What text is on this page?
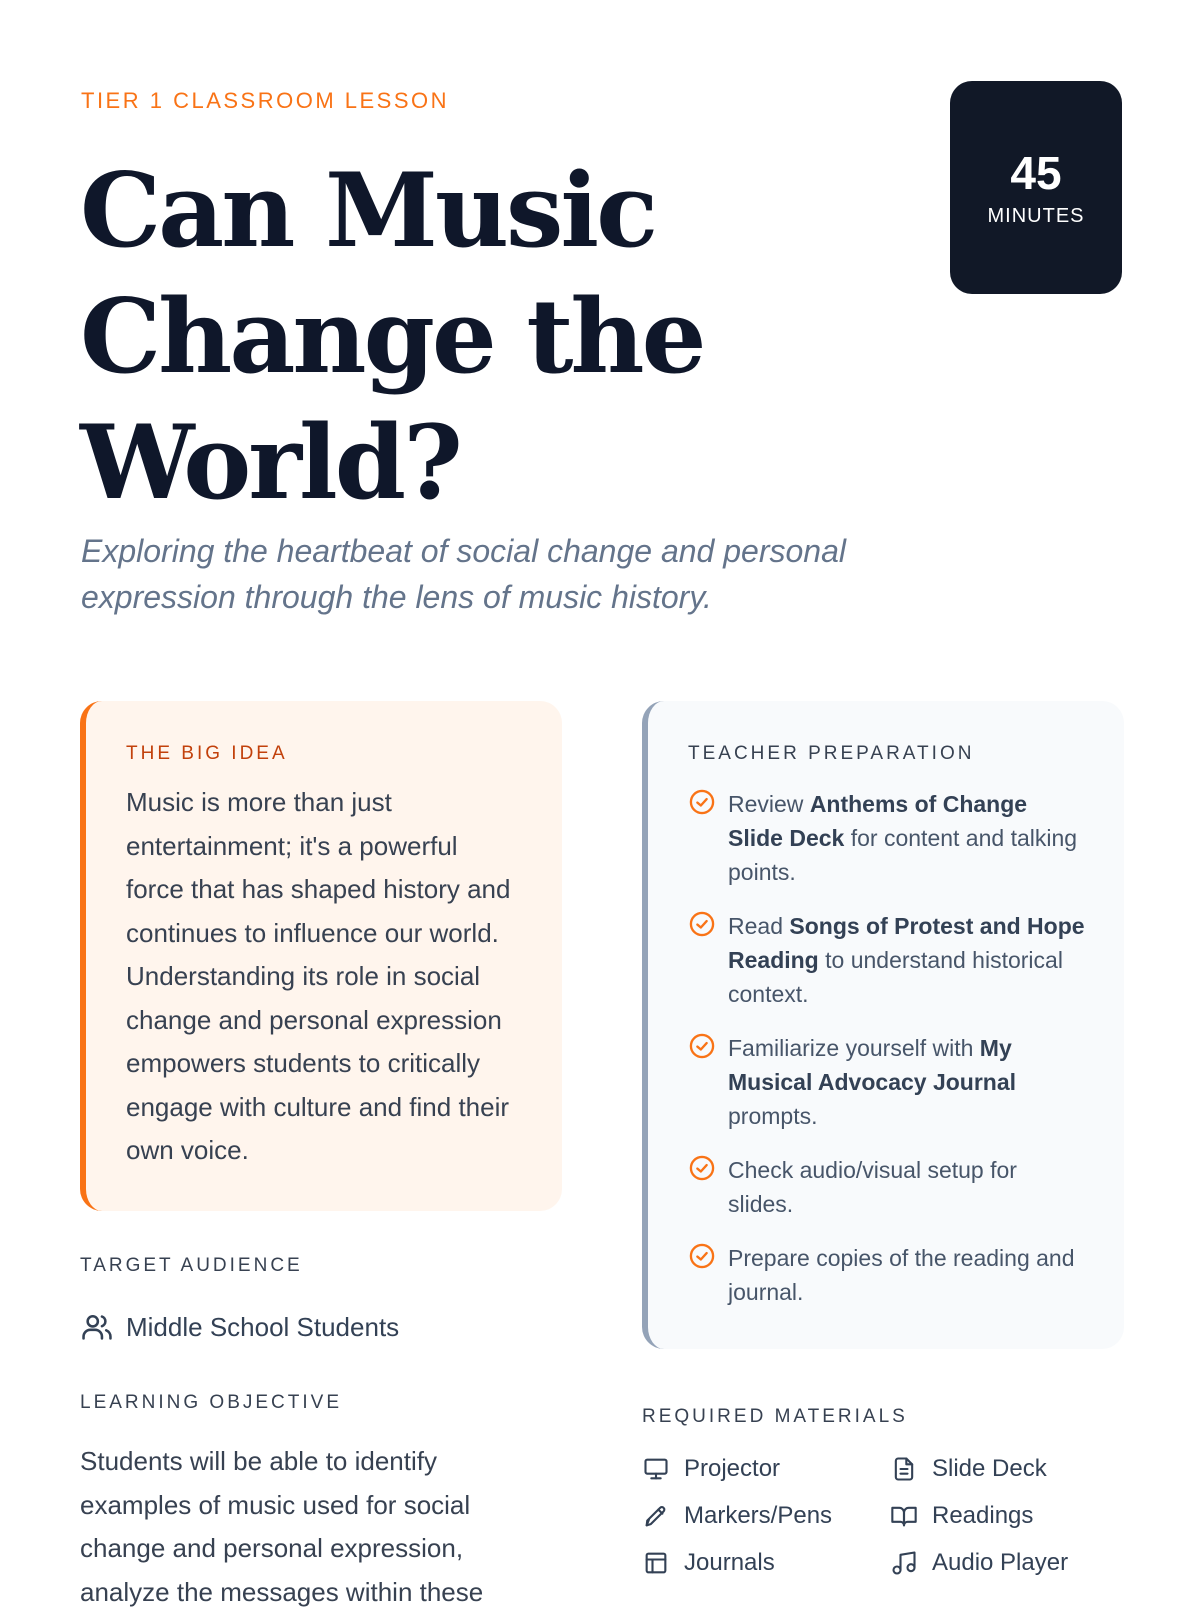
TIER 1 CLASSROOM LESSON
Can Music Change the World?

Exploring the heartbeat of social change and personal expression through the lens of music history.

45
MINUTES
THE BIG IDEA

Music is more than just entertainment; it's a powerful force that has shaped history and continues to influence our world. Understanding its role in social change and personal expression empowers students to critically engage with culture and find their own voice.

TEACHER PREPARATION
Review Anthems of Change Slide Deck for content and talking points.
Read Songs of Protest and Hope Reading to understand historical context.
Familiarize yourself with My Musical Advocacy Journal prompts.
Check audio/visual setup for slides.
Prepare copies of the reading and journal.
TARGET AUDIENCE
Middle School Students
LEARNING OBJECTIVE

Students will be able to identify examples of music used for social change and personal expression, analyze the messages within these

REQUIRED MATERIALS
Projector	Slide Deck
Markers/Pens	Readings
Journals	Audio Player
